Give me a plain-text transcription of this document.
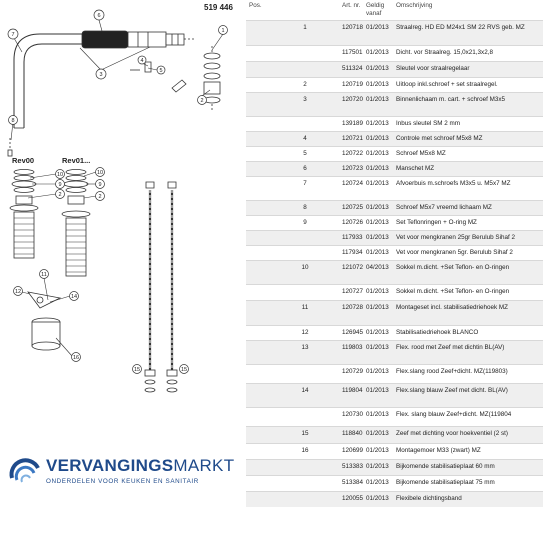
7
6
3
4
5
1
2
8
10
9
2
10
9
2
11
12
14
15	15
16
519 446
Rev00	Rev01...
VERVANGINGSMARKT
ONDERDELEN VOOR KEUKEN EN SANITAIR
Pos.	Art. nr. Geldig vanaf
Omschrijving
1	120718 01/2013 Straalreg. HD ED M24x1 SM 22 RVS geb. MZ
117501 01/2013 Dicht. vor Straalreg. 15,0x21,3x2,8
511324 01/2013 Sleutel voor straalregelaar
2	120719 01/2013 Uitloop inkl.schroef + set straalregel.
3	120720 01/2013 Binnenlichaam m. cart. + schroef M3x5
139189 01/2013 Inbus sleutel SM 2 mm
4	120721 01/2013 Controle met schroef M5x8 MZ
5	120722 01/2013 Schroef M5x8 MZ
6	120723 01/2013 Manschet MZ
7	120724 01/2013 Afvoerbuis m.schroefs M3x5 u. M5x7 MZ
8	120725 01/2013 Schroef M5x7 vreemd lichaam MZ
9	120726 01/2013 Set Teflonringen + O-ring MZ
117933 01/2013 Vet voor mengkranen 25gr Berulub Sihaf 2
117934 01/2013 Vet voor mengkranen 5gr. Berulub Sihaf 2
10	121072 04/2013 Sokkel m.dicht. +Set Teflon- en O-ringen
120727 01/2013 Sokkel m.dicht. +Set Teflon- en O-ringen
11	120728 01/2013 Montageset incl. stabilisatiedriehoek MZ
12	126945 01/2013 Stabilisatiedriehoek BLANCO
13	119803 01/2013 Flex. rood met Zeef met dichtin BL(AV)
120729 01/2013 Flex.slang rood Zeef+dicht. MZ(119803)
14	119804 01/2013 Flex.slang blauw Zeef met dicht. BL(AV)
120730 01/2013 Flex. slang blauw Zeef+dicht. MZ(119804
15	118840 01/2013 Zeef met dichting voor hoekventiel (2 st)
16	120699 01/2013 Montagemoer M33 (zwart) MZ
513383 01/2013 Bijkomende stabilisatieplaat 60 mm
513384 01/2013 Bijkomende stabilisatieplaat 75 mm
120055 01/2013 Flexibele dichtingsband
